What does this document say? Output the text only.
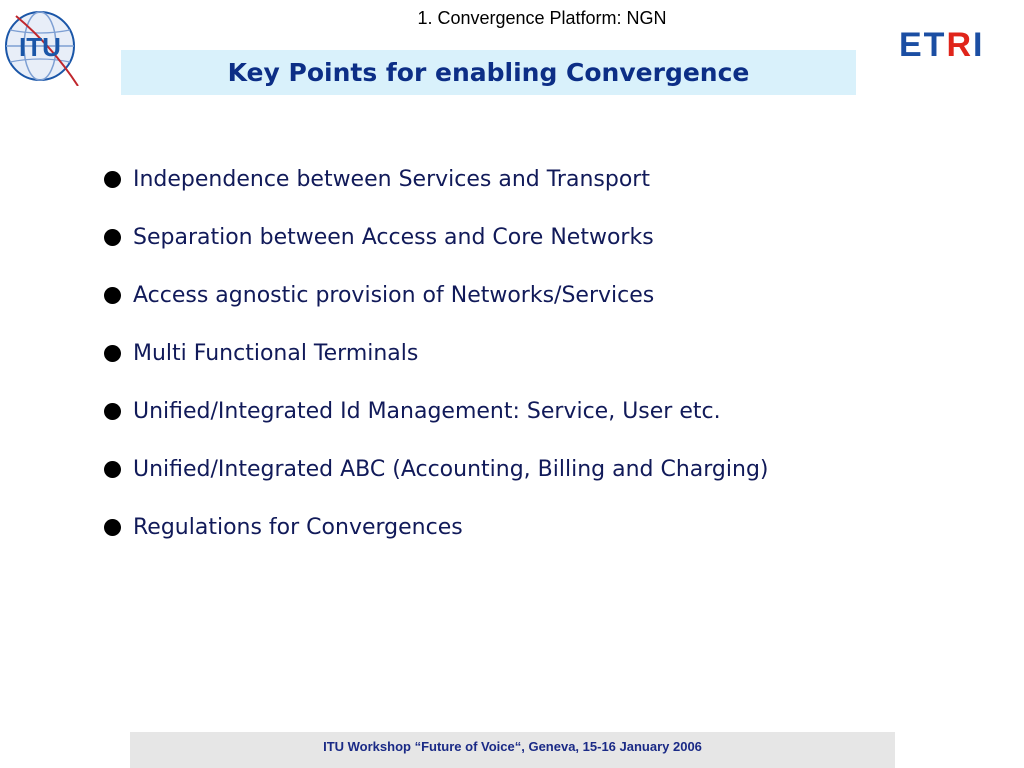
ITU
1. Convergence Platform: NGN
ETRI
Key Points for enabling Convergence
Independence between Services and Transport
Separation between Access and Core Networks
Access agnostic provision of Networks/Services
Multi Functional Terminals
Unified/Integrated Id Management: Service, User etc.
Unified/Integrated ABC (Accounting, Billing and Charging)
Regulations for Convergences
ITU Workshop “Future of Voice“, Geneva, 15-16 January 2006
